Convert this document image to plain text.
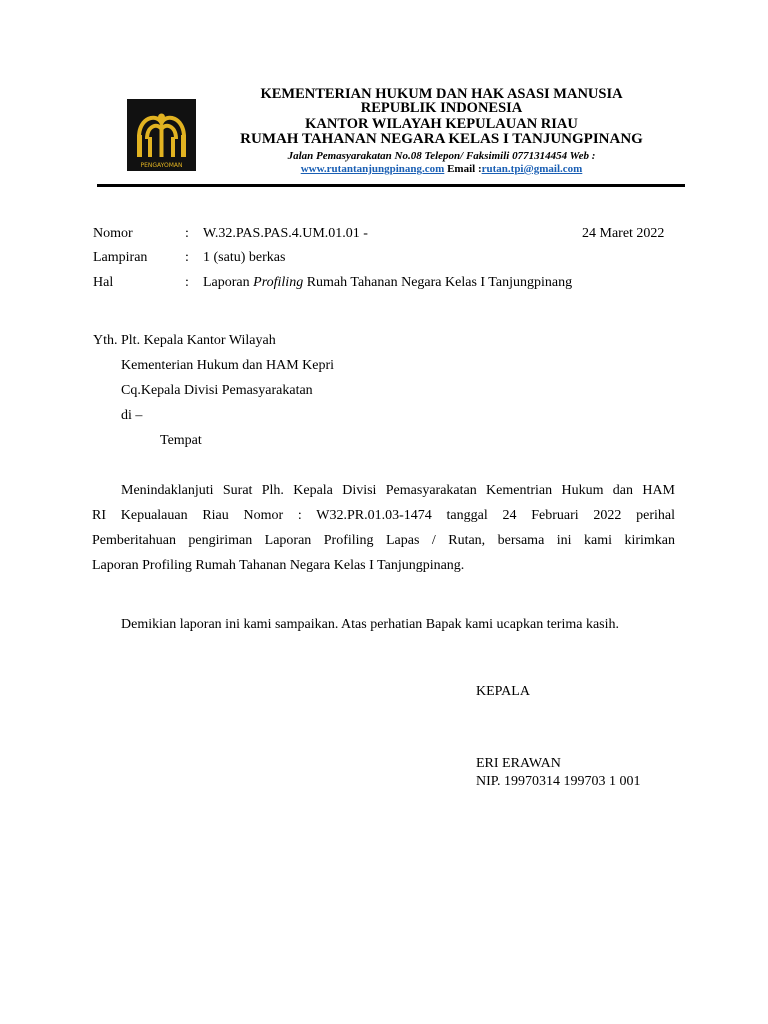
PENGAYOMAN
KEMENTERIAN HUKUM DAN HAK ASASI MANUSIA
REPUBLIK INDONESIA
KANTOR WILAYAH KEPULAUAN RIAU
RUMAH TAHANAN NEGARA KELAS I TANJUNGPINANG
Jalan Pemasyarakatan No.08 Telepon/ Faksimili 0771314454 Web :
www.rutantanjungpinang.com Email :rutan.tpi@gmail.com
Nomor	: W.32.PAS.PAS.4.UM.01.01 -	24 Maret 2022
Lampiran	: 1 (satu) berkas
Hal	: Laporan Profiling Rumah Tahanan Negara Kelas I Tanjungpinang
Yth. Plt. Kepala Kantor Wilayah
Kementerian Hukum dan HAM Kepri
Cq.Kepala Divisi Pemasyarakatan
di –
Tempat
Menindaklanjuti Surat Plh. Kepala Divisi Pemasyarakatan Kementrian Hukum dan HAM
RI Kepualauan Riau Nomor : W32.PR.01.03-1474 tanggal 24 Februari 2022 perihal
Pemberitahuan pengiriman Laporan Profiling Lapas / Rutan, bersama ini kami kirimkan
Laporan Profiling Rumah Tahanan Negara Kelas I Tanjungpinang.
Demikian laporan ini kami sampaikan. Atas perhatian Bapak kami ucapkan terima kasih.
KEPALA
ERI ERAWAN
NIP. 19970314 199703 1 001
